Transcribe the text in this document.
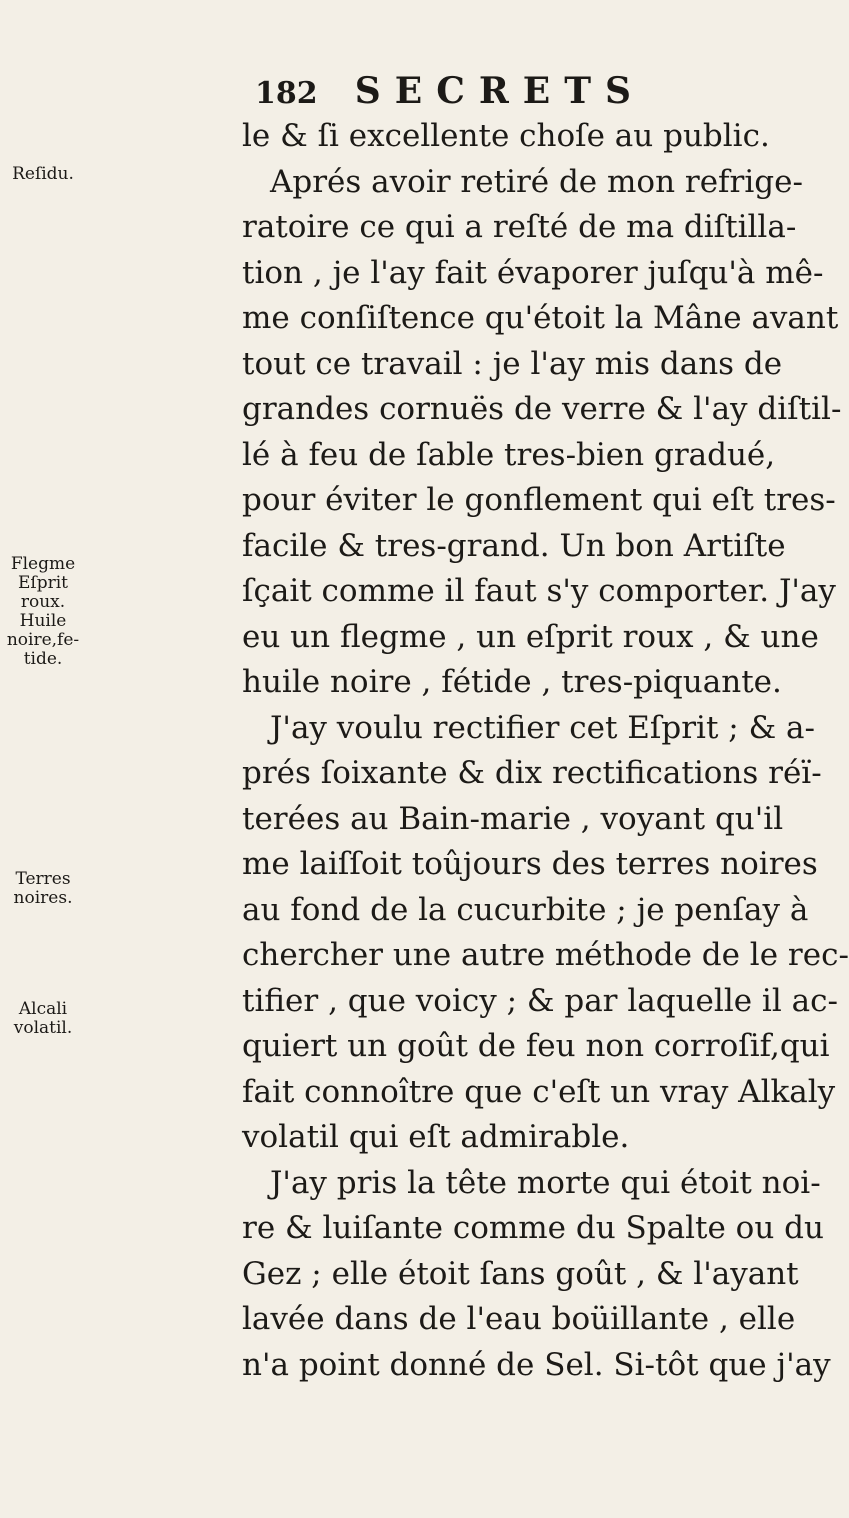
182 SECRETS
Reſidu.
Flegme
Eſprit
roux.
Huile
noire,fe-
tide.
Terres
noires.
Alcali
volatil.
le & ſi excellente choſe au public.
Aprés avoir retiré de mon refrige-
ratoire ce qui a reſté de ma diſtilla-
tion , je l'ay fait évaporer juſqu'à mê-
me conſiſtence qu'étoit la Mâne avant
tout ce travail : je l'ay mis dans de
grandes cornuës de verre & l'ay diſtil-
lé à feu de ſable tres-bien gradué,
pour éviter le gonflement qui eſt tres-
facile & tres-grand. Un bon Artiſte
ſçait comme il faut s'y comporter. J'ay
eu un flegme , un eſprit roux , & une
huile noire , fétide , tres-piquante.
J'ay voulu rectifier cet Eſprit ; & a-
prés ſoixante & dix rectifications réï-
terées au Bain-marie , voyant qu'il
me laiſſoit toûjours des terres noires
au fond de la cucurbite ; je penſay à
chercher une autre méthode de le rec-
tifier , que voicy ; & par laquelle il ac-
quiert un goût de feu non corroſif,qui
fait connoître que c'eſt un vray Alkaly
volatil qui eſt admirable.
J'ay pris la tête morte qui étoit noi-
re & luiſante comme du Spalte ou du
Gez ; elle étoit ſans goût , & l'ayant
lavée dans de l'eau boüillante , elle
n'a point donné de Sel. Si-tôt que j'ay
